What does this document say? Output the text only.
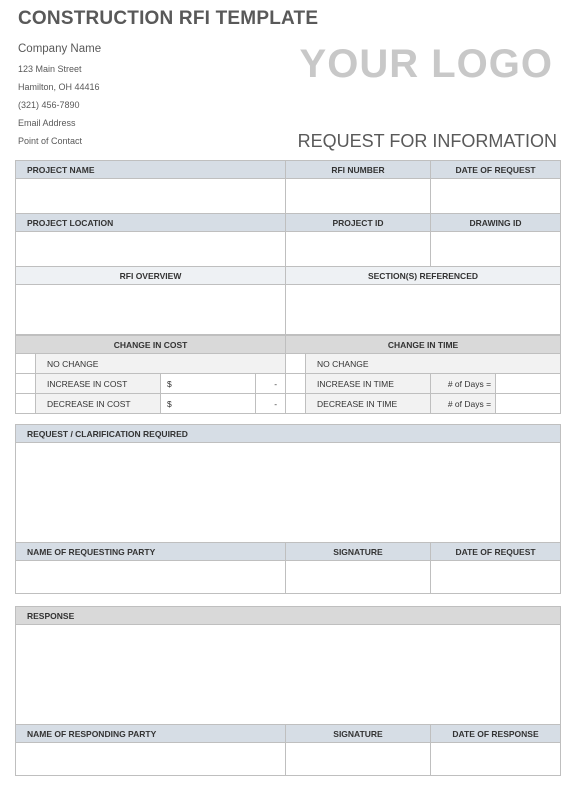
CONSTRUCTION RFI TEMPLATE
Company Name
123 Main Street
Hamilton, OH 44416
(321) 456-7890
Email Address
Point of Contact
YOUR LOGO
REQUEST FOR INFORMATION
PROJECT NAME	RFI NUMBER	DATE OF REQUEST

PROJECT LOCATION	PROJECT ID	DRAWING ID

RFI OVERVIEW	SECTION(S) REFERENCED	

CHANGE IN COST				CHANGE IN TIME			
	NO CHANGE				NO CHANGE		
	INCREASE IN COST	$	-		INCREASE IN TIME	# of Days =	
	DECREASE IN COST	$	-		DECREASE IN TIME	# of Days =	
REQUEST / CLARIFICATION REQUIRED		

NAME OF REQUESTING PARTY	SIGNATURE	DATE OF REQUEST

RESPONSE		

NAME OF RESPONDING PARTY	SIGNATURE	DATE OF RESPONSE
